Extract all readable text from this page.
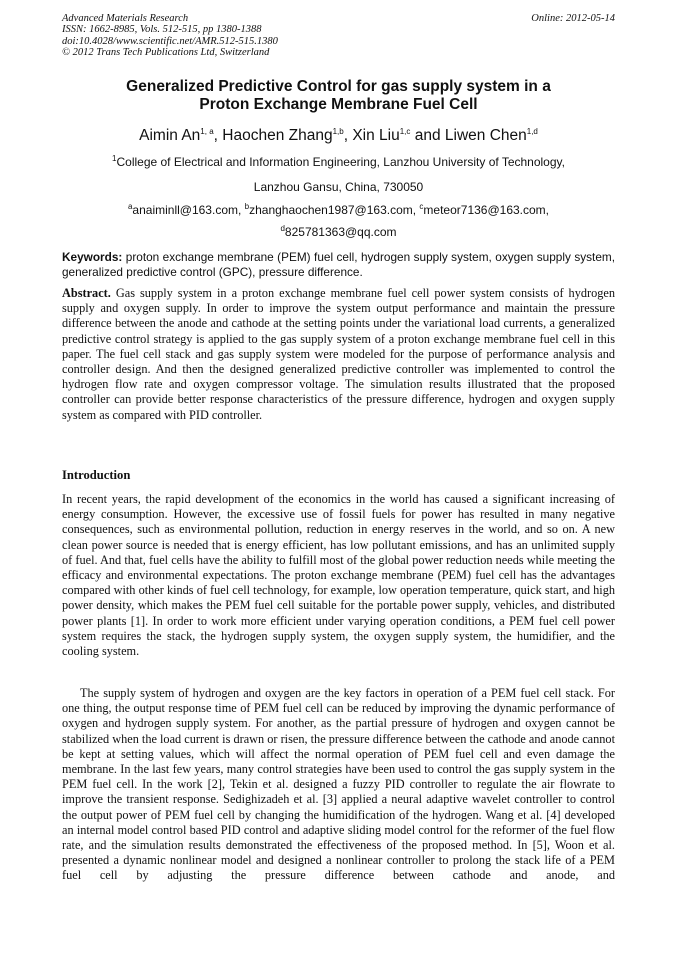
Advanced Materials Research
ISSN: 1662-8985, Vols. 512-515, pp 1380-1388
doi:10.4028/www.scientific.net/AMR.512-515.1380
© 2012 Trans Tech Publications Ltd, Switzerland
Online: 2012-05-14
Generalized Predictive Control for gas supply system in a
Proton Exchange Membrane Fuel Cell
Aimin An$^{1, a}$, Haochen Zhang$^{1,b}$, Xin Liu$^{1,c}$ and Liwen Chen$^{1,d}$
$^1$College of Electrical and Information Engineering, Lanzhou University of Technology,
Lanzhou Gansu, China, 730050
$^a$anaiminll@163.com, $^b$zhanghaochen1987@163.com, $^c$meteor7136@163.com,
$^d$825781363@qq.com
Keywords: proton exchange membrane (PEM) fuel cell, hydrogen supply system, oxygen supply system, generalized predictive control (GPC), pressure difference.
Abstract. Gas supply system in a proton exchange membrane fuel cell power system consists of hydrogen supply and oxygen supply. In order to improve the system output performance and maintain the pressure difference between the anode and cathode at the setting points under the variational load currents, a generalized predictive control strategy is applied to the gas supply system of a proton exchange membrane fuel cell in this paper. The fuel cell stack and gas supply system were modeled for the purpose of performance analysis and controller design. And then the designed generalized predictive controller was implemented to control the hydrogen flow rate and oxygen compressor voltage. The simulation results illustrated that the proposed controller can provide better response characteristics of the pressure difference, hydrogen and oxygen supply system as compared with PID controller.
Introduction

In recent years, the rapid development of the economics in the world has caused a significant increasing of energy consumption. However, the excessive use of fossil fuels for power has resulted in many negative consequences, such as environmental pollution, reduction in energy reserves in the world, and so on. A new clean power source is needed that is energy efficient, has low pollutant emissions, and has an unlimited supply of fuel. And that, fuel cells have the ability to fulfill most of the global power reduction needs while meeting the efficacy and environmental expectations. The proton exchange membrane (PEM) fuel cell has the advantages compared with other kinds of fuel cell technology, for example, low operation temperature, quick start, and high power density, which makes the PEM fuel cell suitable for the portable power supply, vehicles, and distributed power plants [1]. In order to work more efficient under varying operation conditions, a PEM fuel cell power system requires the stack, the hydrogen supply system, the oxygen supply system, the humidifier, and the cooling system.

The supply system of hydrogen and oxygen are the key factors in operation of a PEM fuel cell stack. For one thing, the output response time of PEM fuel cell can be reduced by improving the dynamic performance of oxygen and hydrogen supply system. For another, as the partial pressure of hydrogen and oxygen cannot be stabilized when the load current is drawn or risen, the pressure difference between the cathode and anode cannot be kept at setting values, which will affect the normal operation of PEM fuel cell and even damage the membrane. In the last few years, many control strategies have been used to control the gas supply system in the PEM fuel cell. In the work [2], Tekin et al. designed a fuzzy PID controller to regulate the air flowrate to improve the transient response. Sedighizadeh et al. [3] applied a neural adaptive wavelet controller to control the output power of PEM fuel cell by changing the humidification of the hydrogen. Wang et al. [4] developed an internal model control based PID control and adaptive sliding model control for the reformer of the fuel flow rate, and the simulation results demonstrated the effectiveness of the proposed method. In [5], Woon et al. presented a dynamic nonlinear model and designed a nonlinear controller to prolong the stack life of a PEM fuel cell by adjusting the pressure difference between cathode and anode, and
